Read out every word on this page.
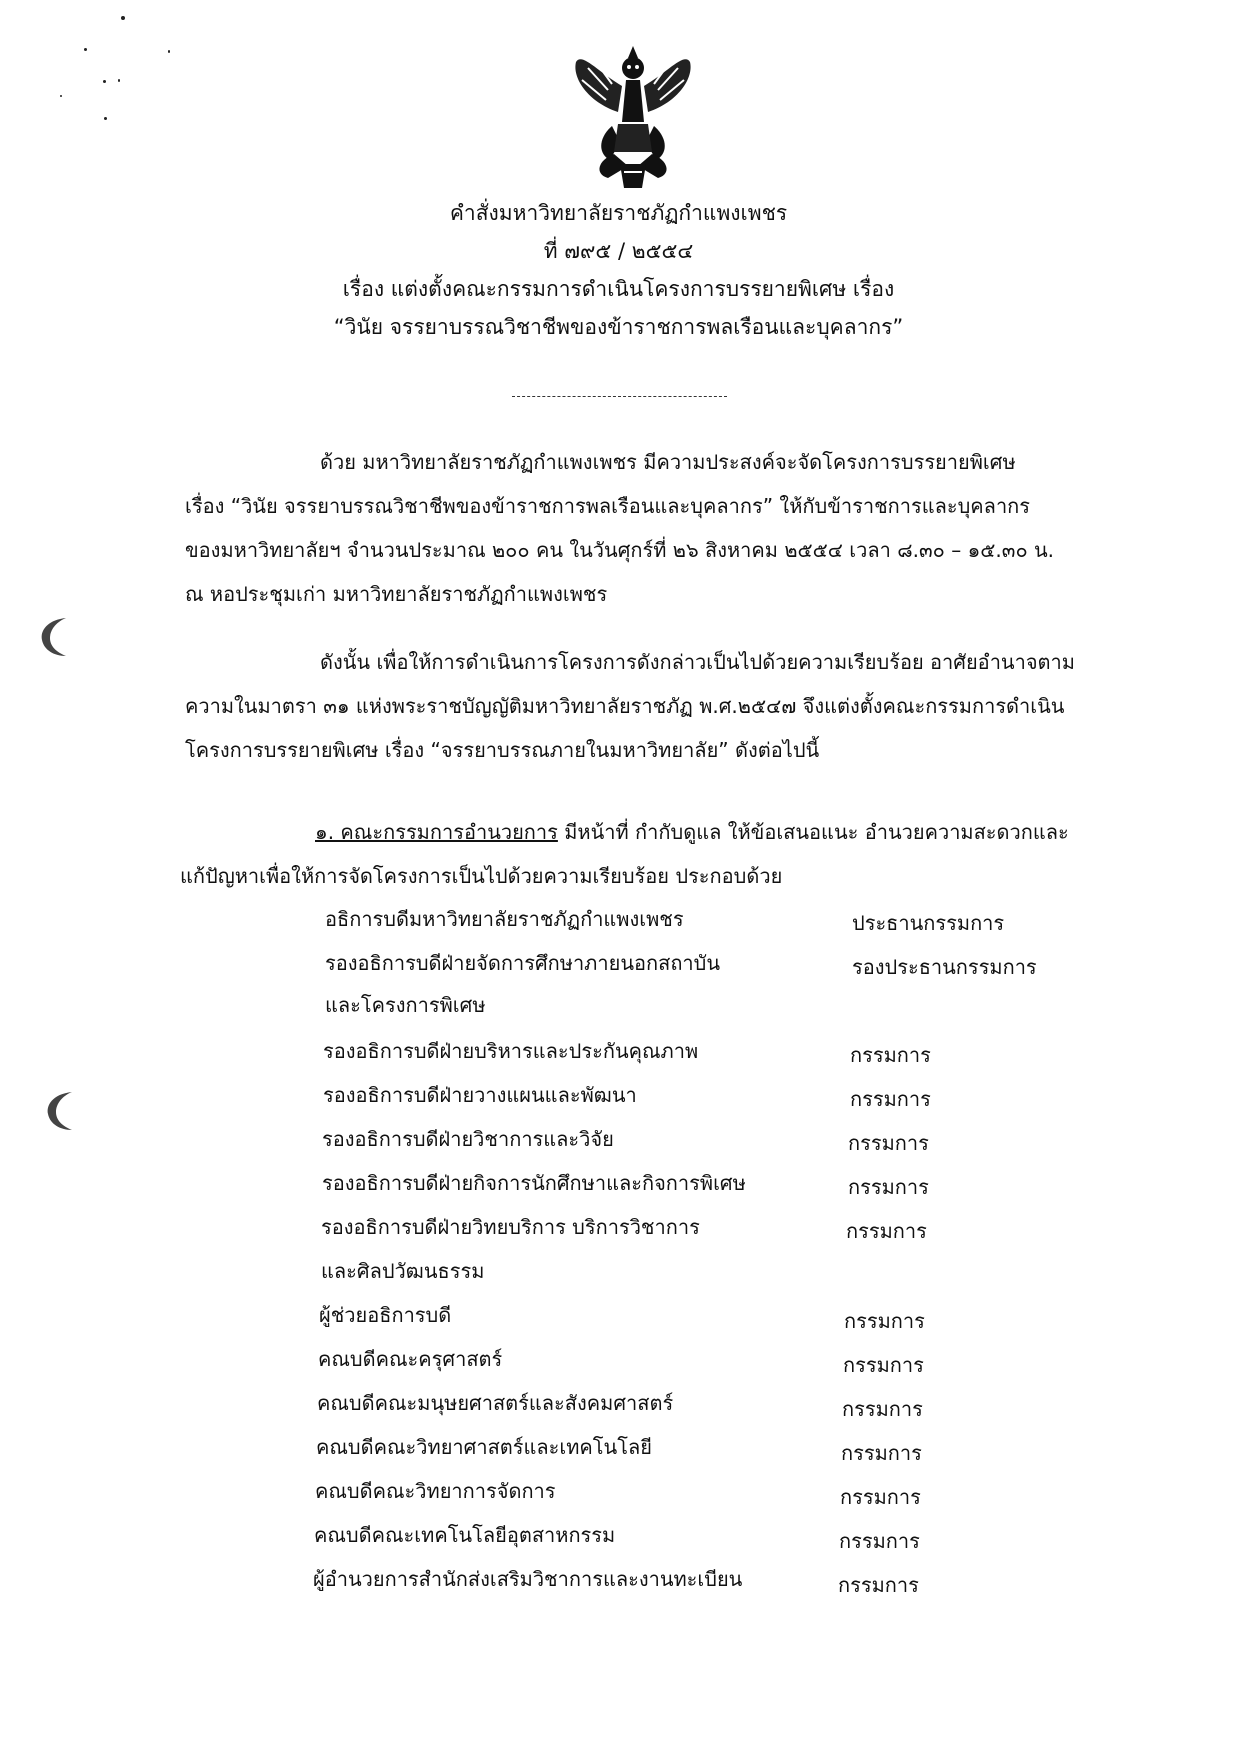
คำสั่งมหาวิทยาลัยราชภัฏกำแพงเพชร
ที่ ๗๙๕ / ๒๕๕๔
เรื่อง แต่งตั้งคณะกรรมการดำเนินโครงการบรรยายพิเศษ เรื่อง
“วินัย จรรยาบรรณวิชาชีพของข้าราชการพลเรือนและบุคลากร”
ด้วย มหาวิทยาลัยราชภัฏกำแพงเพชร มีความประสงค์จะจัดโครงการบรรยายพิเศษ
เรื่อง “วินัย จรรยาบรรณวิชาชีพของข้าราชการพลเรือนและบุคลากร” ให้กับข้าราชการและบุคลากร
ของมหาวิทยาลัยฯ จำนวนประมาณ ๒๐๐ คน ในวันศุกร์ที่ ๒๖ สิงหาคม ๒๕๕๔ เวลา ๘.๓๐ – ๑๕.๓๐ น.
ณ หอประชุมเก่า มหาวิทยาลัยราชภัฏกำแพงเพชร
ดังนั้น เพื่อให้การดำเนินการโครงการดังกล่าวเป็นไปด้วยความเรียบร้อย อาศัยอำนาจตาม
ความในมาตรา ๓๑ แห่งพระราชบัญญัติมหาวิทยาลัยราชภัฏ พ.ศ.๒๕๔๗ จึงแต่งตั้งคณะกรรมการดำเนิน
โครงการบรรยายพิเศษ เรื่อง “จรรยาบรรณภายในมหาวิทยาลัย” ดังต่อไปนี้
๑. คณะกรรมการอำนวยการ มีหน้าที่ กำกับดูแล ให้ข้อเสนอแนะ อำนวยความสะดวกและ
แก้ปัญหาเพื่อให้การจัดโครงการเป็นไปด้วยความเรียบร้อย ประกอบด้วย
อธิการบดีมหาวิทยาลัยราชภัฏกำแพงเพชร	ประธานกรรมการ
รองอธิการบดีฝ่ายจัดการศึกษาภายนอกสถาบัน
และโครงการพิเศษ
รองประธานกรรมการ
รองอธิการบดีฝ่ายบริหารและประกันคุณภาพ	กรรมการ
รองอธิการบดีฝ่ายวางแผนและพัฒนา	กรรมการ
รองอธิการบดีฝ่ายวิชาการและวิจัย	กรรมการ
รองอธิการบดีฝ่ายกิจการนักศึกษาและกิจการพิเศษ	กรรมการ
รองอธิการบดีฝ่ายวิทยบริการ บริการวิชาการ
และศิลปวัฒนธรรม
กรรมการ
ผู้ช่วยอธิการบดี	กรรมการ
คณบดีคณะครุศาสตร์	กรรมการ
คณบดีคณะมนุษยศาสตร์และสังคมศาสตร์	กรรมการ
คณบดีคณะวิทยาศาสตร์และเทคโนโลยี	กรรมการ
คณบดีคณะวิทยาการจัดการ	กรรมการ
คณบดีคณะเทคโนโลยีอุตสาหกรรม	กรรมการ
ผู้อำนวยการสำนักส่งเสริมวิชาการและงานทะเบียน	กรรมการ
